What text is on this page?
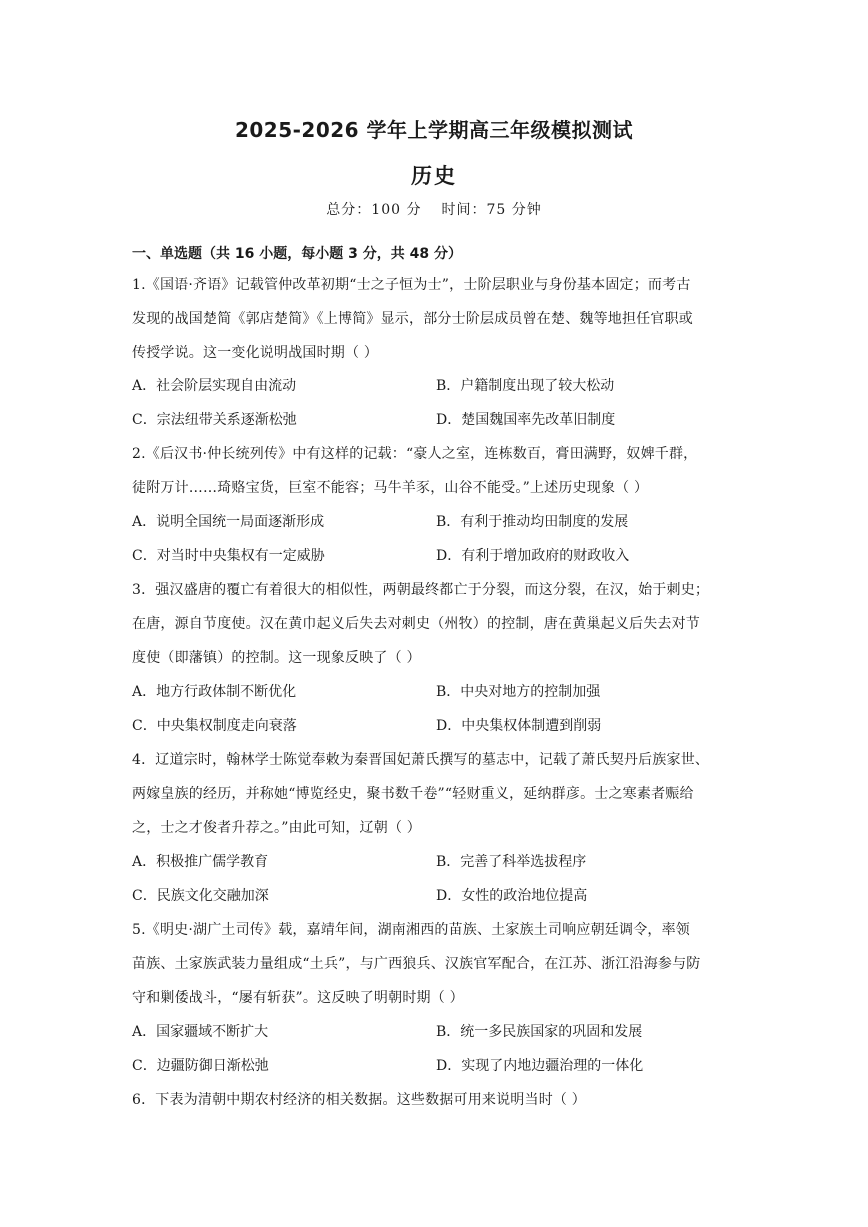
2025-2026 学年上学期高三年级模拟测试
历史
总分：100 分 时间：75 分钟
一、单选题（共 16 小题，每小题 3 分，共 48 分）
1.《国语·齐语》记载管仲改革初期“士之子恒为士”，士阶层职业与身份基本固定；而考古
发现的战国楚简《郭店楚简》《上博简》显示，部分士阶层成员曾在楚、魏等地担任官职或
传授学说。这一变化说明战国时期（ ）
A．社会阶层实现自由流动	B．户籍制度出现了较大松动
C．宗法纽带关系逐渐松弛	D．楚国魏国率先改革旧制度
2.《后汉书·仲长统列传》中有这样的记载：“豪人之室，连栋数百，膏田满野，奴婢千群，
徒附万计……琦赂宝货，巨室不能容；马牛羊豕，山谷不能受。”上述历史现象（ ）
A．说明全国统一局面逐渐形成	B．有利于推动均田制度的发展
C．对当时中央集权有一定威胁	D．有利于增加政府的财政收入
3．强汉盛唐的覆亡有着很大的相似性，两朝最终都亡于分裂，而这分裂，在汉，始于刺史；
在唐，源自节度使。汉在黄巾起义后失去对刺史（州牧）的控制，唐在黄巢起义后失去对节
度使（即藩镇）的控制。这一现象反映了（ ）
A．地方行政体制不断优化	B．中央对地方的控制加强
C．中央集权制度走向衰落	D．中央集权体制遭到削弱
4．辽道宗时，翰林学士陈觉奉敕为秦晋国妃萧氏撰写的墓志中，记载了萧氏契丹后族家世、
两嫁皇族的经历，并称她“博览经史，聚书数千卷”“轻财重义，延纳群彦。士之寒素者赈给
之，士之才俊者升荐之。”由此可知，辽朝（ ）
A．积极推广儒学教育	B．完善了科举选拔程序
C．民族文化交融加深	D．女性的政治地位提高
5.《明史·湖广土司传》载，嘉靖年间，湖南湘西的苗族、土家族土司响应朝廷调令，率领
苗族、土家族武装力量组成“土兵”，与广西狼兵、汉族官军配合，在江苏、浙江沿海参与防
守和剿倭战斗，“屡有斩获”。这反映了明朝时期（ ）
A．国家疆域不断扩大	B．统一多民族国家的巩固和发展
C．边疆防御日渐松弛	D．实现了内地边疆治理的一体化
6．下表为清朝中期农村经济的相关数据。这些数据可用来说明当时（ ）
